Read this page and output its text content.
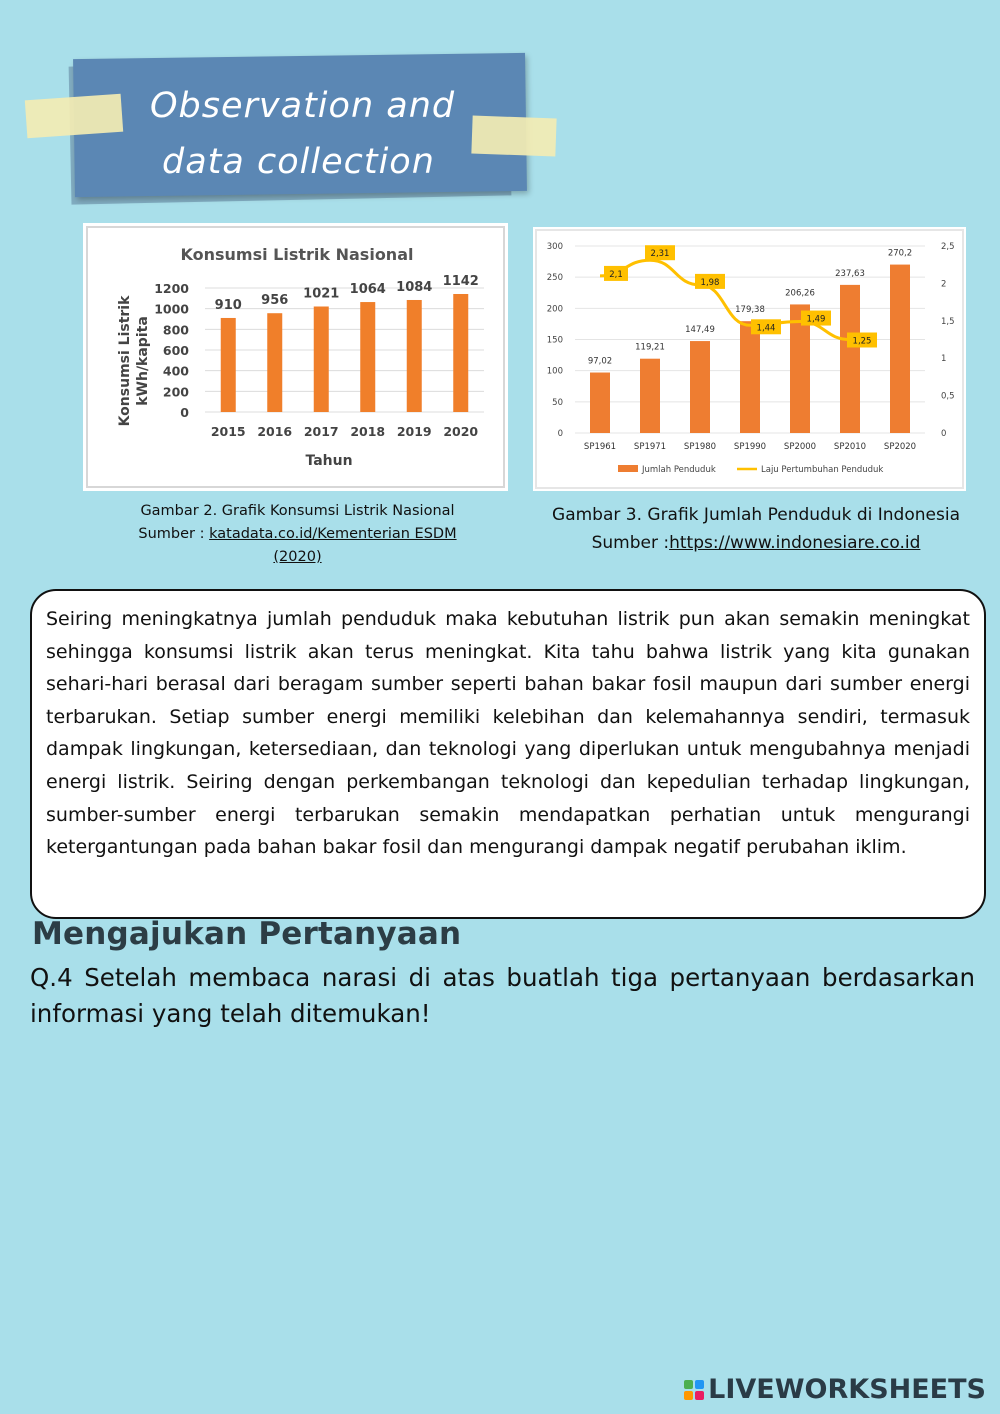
Observation and
data collection
Konsumsi Listrik Nasional
0
200
400
600
800
1000
1200
910 956 1021 1064 1084 1142
2015 2016 2017 2018 2019 2020
Konsumsi Listrik kWh/kapita
Tahun
0
50
100
150
200
250
300
0
0,5
1
1,5
2
2,5
97,02
119,21
147,49
179,38
206,26
237,63
270,2
2,1
2,31
1,98
1,44
1,49
1,25
SP1961 SP1971 SP1980 SP1990 SP2000 SP2010 SP2020
Jumlah Penduduk	Laju Pertumbuhan Penduduk
Gambar 2. Grafik Konsumsi Listrik Nasional
Sumber : katadata.co.id/Kementerian ESDM
(2020)
Gambar 3. Grafik Jumlah Penduduk di Indonesia
Sumber :https://www.indonesiare.co.id
Seiring meningkatnya jumlah penduduk maka kebutuhan listrik pun akan semakin meningkat sehingga konsumsi listrik akan terus meningkat. Kita tahu bahwa listrik yang kita gunakan sehari-hari berasal dari beragam sumber seperti bahan bakar fosil maupun dari sumber energi terbarukan. Setiap sumber energi memiliki kelebihan dan kelemahannya sendiri, termasuk dampak lingkungan, ketersediaan, dan teknologi yang diperlukan untuk mengubahnya menjadi energi listrik. Seiring dengan perkembangan teknologi dan kepedulian terhadap lingkungan, sumber-sumber energi terbarukan semakin mendapatkan perhatian untuk mengurangi ketergantungan pada bahan bakar fosil dan mengurangi dampak negatif perubahan iklim.
Mengajukan Pertanyaan
Q.4 Setelah membaca narasi di atas buatlah tiga pertanyaan berdasarkan informasi yang telah ditemukan!
LIVEWORKSHEETS
